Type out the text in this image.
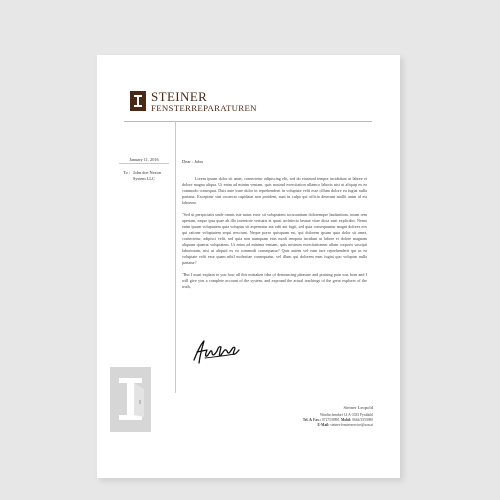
STEINER
FENSTERREPARATUREN
January 11, 2016
To : John doe Nexon System LLC
Dear : John

Lorem ipsum dolor sit amet, consectetur adipiscing elit, sed do eiusmod tempor incididunt ut labore et dolore magna aliqua. Ut enim ad minim veniam, quis nostrud exercitation ullamco laboris nisi ut aliquip ex ea commodo consequat. Duis aute irure dolor in reprehenderit in voluptate velit esse cillum dolore eu fugiat nulla pariatur. Excepteur sint occaecat cupidatat non proident, sunt in culpa qui officia deserunt mollit anim id est laborum.

"Sed ut perspiciatis unde omnis iste natus error sit voluptatem accusantium doloremque laudantium, totam rem aperiam, eaque ipsa quae ab illo inventore veritatis et quasi architecto beatae vitae dicta sunt explicabo. Nemo enim ipsam voluptatem quia voluptas sit aspernatur aut odit aut fugit, sed quia consequuntur magni dolores eos qui ratione voluptatem sequi nesciunt. Neque porro quisquam est, qui dolorem ipsum quia dolor sit amet, consectetur, adipisci velit, sed quia non numquam eius modi tempora incidunt ut labore et dolore magnam aliquam quaerat voluptatem. Ut enim ad minima veniam, quis nostrum exercitationem ullam corporis suscipit laboriosam, nisi ut aliquid ex ea commodi consequatur? Quis autem vel eum iure reprehenderit qui in ea voluptate velit esse quam nihil molestiae consequatur, vel illum qui dolorem eum fugiat quo voluptas nulla pariatur?

"But I must explain to you how all this mistaken idea of denouncing pleasure and praising pain was born and I will give you a complete account of the system, and expound the actual teachings of the great explorer of the truth,

Steiner Leopold
Windischendorf 14 A-3335 Pyrabühl
Tel. & Fax.: 07275/8090, Mobil: 0664/3553980
E-Mail: steiner-fensterservice@aon.at
